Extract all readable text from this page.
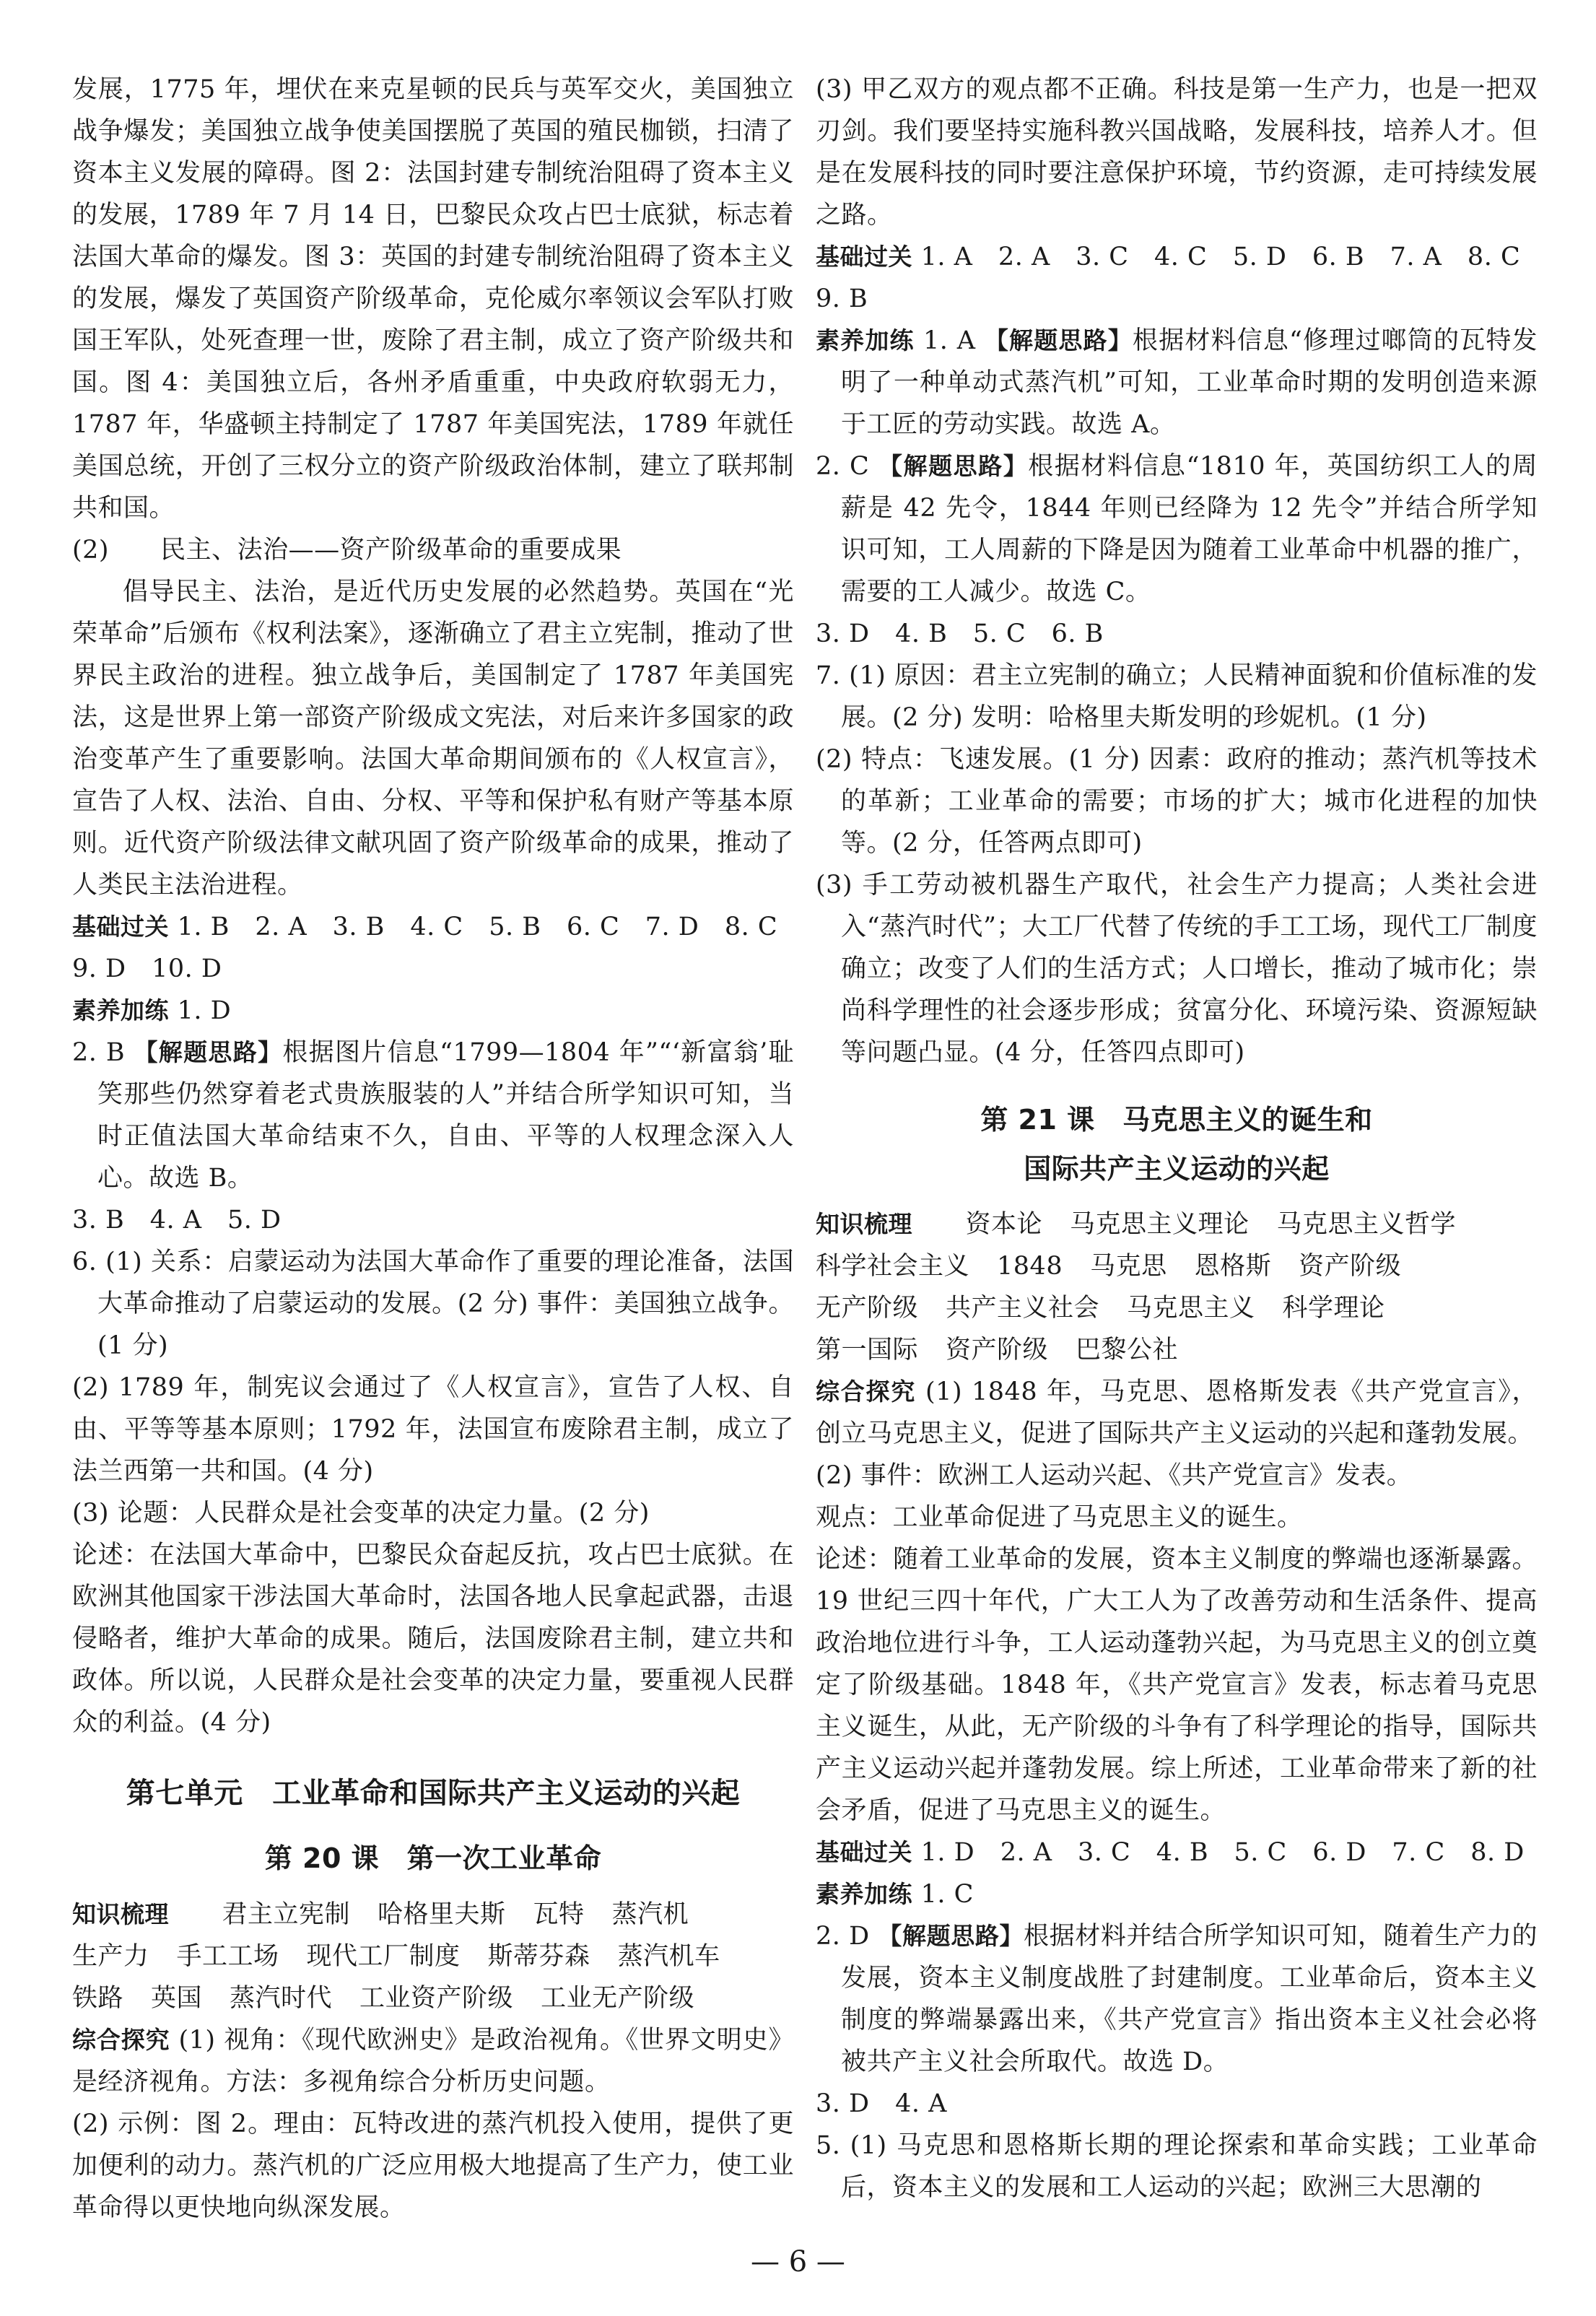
发展，1775 年，埋伏在来克星顿的民兵与英军交火，美国独立战争爆发；美国独立战争使美国摆脱了英国的殖民枷锁，扫清了资本主义发展的障碍。图 2：法国封建专制统治阻碍了资本主义的发展，1789 年 7 月 14 日，巴黎民众攻占巴士底狱，标志着法国大革命的爆发。图 3：英国的封建专制统治阻碍了资本主义的发展，爆发了英国资产阶级革命，克伦威尔率领议会军队打败国王军队，处死查理一世，废除了君主制，成立了资产阶级共和国。图 4：美国独立后，各州矛盾重重，中央政府软弱无力，1787 年，华盛顿主持制定了 1787 年美国宪法，1789 年就任美国总统，开创了三权分立的资产阶级政治体制，建立了联邦制共和国。

(2)　　民主、法治——资产阶级革命的重要成果

倡导民主、法治，是近代历史发展的必然趋势。英国在“光荣革命”后颁布《权利法案》，逐渐确立了君主立宪制，推动了世界民主政治的进程。独立战争后，美国制定了 1787 年美国宪法，这是世界上第一部资产阶级成文宪法，对后来许多国家的政治变革产生了重要影响。法国大革命期间颁布的《人权宣言》，宣告了人权、法治、自由、分权、平等和保护私有财产等基本原则。近代资产阶级法律文献巩固了资产阶级革命的成果，推动了人类民主法治进程。

基础过关 1. B　2. A　3. B　4. C　5. B　6. C　7. D　8. C

9. D　10. D

素养加练 1. D

2. B 【解题思路】根据图片信息“1799—1804 年”“‘新富翁’耻笑那些仍然穿着老式贵族服装的人”并结合所学知识可知，当时正值法国大革命结束不久，自由、平等的人权理念深入人心。故选 B。

3. B　4. A　5. D

6. (1) 关系：启蒙运动为法国大革命作了重要的理论准备，法国大革命推动了启蒙运动的发展。(2 分) 事件：美国独立战争。(1 分)

(2) 1789 年，制宪议会通过了《人权宣言》，宣告了人权、自由、平等等基本原则；1792 年，法国宣布废除君主制，成立了法兰西第一共和国。(4 分)

(3) 论题：人民群众是社会变革的决定力量。(2 分)

论述：在法国大革命中，巴黎民众奋起反抗，攻占巴士底狱。在欧洲其他国家干涉法国大革命时，法国各地人民拿起武器，击退侵略者，维护大革命的成果。随后，法国废除君主制，建立共和政体。所以说，人民群众是社会变革的决定力量，要重视人民群众的利益。(4 分)

第七单元　工业革命和国际共产主义运动的兴起
第 20 课　第一次工业革命

知识梳理　 君主立宪制 哈格里夫斯 瓦特 蒸汽机

生产力 手工工场 现代工厂制度 斯蒂芬森 蒸汽机车

铁路 英国 蒸汽时代 工业资产阶级 工业无产阶级

综合探究 (1) 视角：《现代欧洲史》是政治视角。《世界文明史》是经济视角。方法：多视角综合分析历史问题。

(2) 示例：图 2。理由：瓦特改进的蒸汽机投入使用，提供了更加便利的动力。蒸汽机的广泛应用极大地提高了生产力，使工业革命得以更快地向纵深发展。

(3) 甲乙双方的观点都不正确。科技是第一生产力，也是一把双刃剑。我们要坚持实施科教兴国战略，发展科技，培养人才。但是在发展科技的同时要注意保护环境，节约资源，走可持续发展之路。

基础过关 1. A　2. A　3. C　4. C　5. D　6. B　7. A　8. C

9. B

素养加练 1. A 【解题思路】根据材料信息“修理过啷筒的瓦特发明了一种单动式蒸汽机”可知，工业革命时期的发明创造来源于工匠的劳动实践。故选 A。

2. C 【解题思路】根据材料信息“1810 年，英国纺织工人的周薪是 42 先令，1844 年则已经降为 12 先令”并结合所学知识可知，工人周薪的下降是因为随着工业革命中机器的推广，需要的工人减少。故选 C。

3. D　4. B　5. C　6. B

7. (1) 原因：君主立宪制的确立；人民精神面貌和价值标准的发展。(2 分) 发明：哈格里夫斯发明的珍妮机。(1 分)

(2) 特点：飞速发展。(1 分) 因素：政府的推动；蒸汽机等技术的革新；工业革命的需要；市场的扩大；城市化进程的加快等。(2 分，任答两点即可)

(3) 手工劳动被机器生产取代，社会生产力提高；人类社会进入“蒸汽时代”；大工厂代替了传统的手工工场，现代工厂制度确立；改变了人们的生活方式；人口增长，推动了城市化；崇尚科学理性的社会逐步形成；贫富分化、环境污染、资源短缺等问题凸显。(4 分，任答四点即可)

第 21 课　马克思主义的诞生和
国际共产主义运动的兴起

知识梳理　 资本论 马克思主义理论 马克思主义哲学

科学社会主义 1848 马克思 恩格斯 资产阶级

无产阶级 共产主义社会 马克思主义 科学理论

第一国际 资产阶级 巴黎公社

综合探究 (1) 1848 年，马克思、恩格斯发表《共产党宣言》，创立马克思主义，促进了国际共产主义运动的兴起和蓬勃发展。

(2) 事件：欧洲工人运动兴起、《共产党宣言》发表。

观点：工业革命促进了马克思主义的诞生。

论述：随着工业革命的发展，资本主义制度的弊端也逐渐暴露。19 世纪三四十年代，广大工人为了改善劳动和生活条件、提高政治地位进行斗争，工人运动蓬勃兴起，为马克思主义的创立奠定了阶级基础。1848 年，《共产党宣言》发表，标志着马克思主义诞生，从此，无产阶级的斗争有了科学理论的指导，国际共产主义运动兴起并蓬勃发展。综上所述，工业革命带来了新的社会矛盾，促进了马克思主义的诞生。

基础过关 1. D　2. A　3. C　4. B　5. C　6. D　7. C　8. D

素养加练 1. C

2. D 【解题思路】根据材料并结合所学知识可知，随着生产力的发展，资本主义制度战胜了封建制度。工业革命后，资本主义制度的弊端暴露出来，《共产党宣言》指出资本主义社会必将被共产主义社会所取代。故选 D。

3. D　4. A

5. (1) 马克思和恩格斯长期的理论探索和革命实践；工业革命后，资本主义的发展和工人运动的兴起；欧洲三大思潮的

— 6 —
